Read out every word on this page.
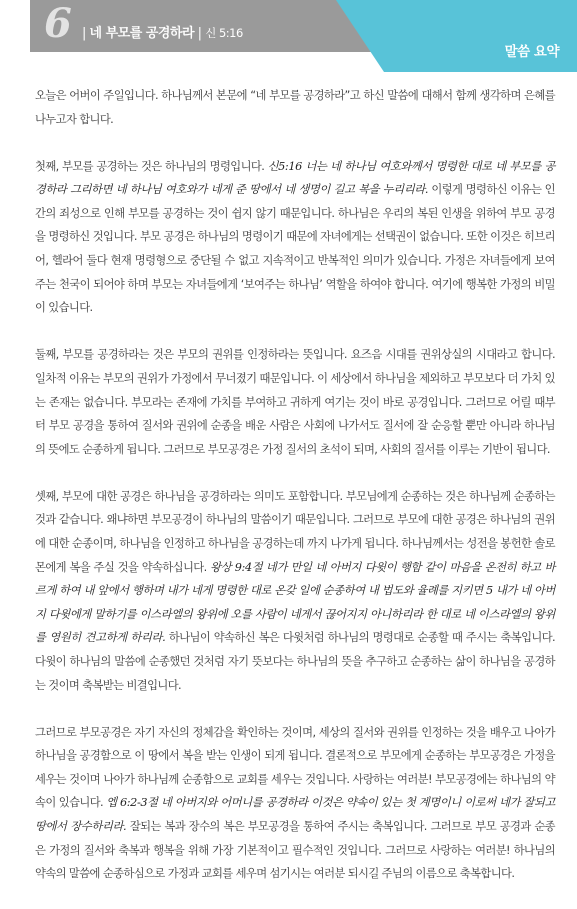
6 | 네 부모를 공경하라 | 신 5:16
말씀 요약

오늘은 어버이 주일입니다. 하나님께서 본문에 “네 부모를 공경하라”고 하신 말씀에 대해서 함께 생각하며 은혜를 나누고자 합니다.

첫째, 부모를 공경하는 것은 하나님의 명령입니다. 신5:16 너는 네 하나님 여호와께서 명령한 대로 네 부모를 공경하라 그리하면 네 하나님 여호와가 네게 준 땅에서 네 생명이 길고 복을 누리리라. 이렇게 명령하신 이유는 인간의 죄성으로 인해 부모를 공경하는 것이 쉽지 않기 때문입니다. 하나님은 우리의 복된 인생을 위하여 부모 공경을 명령하신 것입니다. 부모 공경은 하나님의 명령이기 때문에 자녀에게는 선택권이 없습니다. 또한 이것은 히브리어, 헬라어 둘다 현재 명령형으로 중단될 수 없고 지속적이고 반복적인 의미가 있습니다. 가정은 자녀들에게 보여주는 천국이 되어야 하며 부모는 자녀들에게 ‘보여주는 하나님’ 역할을 하여야 합니다. 여기에 행복한 가정의 비밀이 있습니다.

둘째, 부모를 공경하라는 것은 부모의 권위를 인정하라는 뜻입니다. 요즈음 시대를 권위상실의 시대라고 합니다. 일차적 이유는 부모의 권위가 가정에서 무너졌기 때문입니다. 이 세상에서 하나님을 제외하고 부모보다 더 가치 있는 존재는 없습니다. 부모라는 존재에 가치를 부여하고 귀하게 여기는 것이 바로 공경입니다. 그러므로 어릴 때부터 부모 공경을 통하여 질서와 권위에 순종을 배운 사람은 사회에 나가서도 질서에 잘 순응할 뿐만 아니라 하나님의 뜻에도 순종하게 됩니다. 그러므로 부모공경은 가정 질서의 초석이 되며, 사회의 질서를 이루는 기반이 됩니다.

셋째, 부모에 대한 공경은 하나님을 공경하라는 의미도 포함합니다. 부모님에게 순종하는 것은 하나님께 순종하는 것과 같습니다. 왜냐하면 부모공경이 하나님의 말씀이기 때문입니다. 그러므로 부모에 대한 공경은 하나님의 권위에 대한 순종이며, 하나님을 인정하고 하나님을 공경하는데 까지 나가게 됩니다. 하나님께서는 성전을 봉헌한 솔로몬에게 복을 주실 것을 약속하십니다. 왕상 9:4절 네가 만일 네 아버지 다윗이 행함 같이 마음을 온전히 하고 바르게 하여 내 앞에서 행하며 내가 네게 명령한 대로 온갖 일에 순종하여 내 법도와 율례를 지키면 5 내가 네 아버지 다윗에게 말하기를 이스라엘의 왕위에 오를 사람이 네게서 끊어지지 아니하리라 한 대로 네 이스라엘의 왕위를 영원히 견고하게 하리라. 하나님이 약속하신 복은 다윗처럼 하나님의 명령대로 순종할 때 주시는 축복입니다. 다윗이 하나님의 말씀에 순종했던 것처럼 자기 뜻보다는 하나님의 뜻을 추구하고 순종하는 삶이 하나님을 공경하는 것이며 축복받는 비결입니다.

그러므로 부모공경은 자기 자신의 정체감을 확인하는 것이며, 세상의 질서와 권위를 인정하는 것을 배우고 나아가 하나님을 공경함으로 이 땅에서 복을 받는 인생이 되게 됩니다. 결론적으로 부모에게 순종하는 부모공경은 가정을 세우는 것이며 나아가 하나님께 순종함으로 교회를 세우는 것입니다. 사랑하는 여러분! 부모공경에는 하나님의 약속이 있습니다. 엡 6:2-3절 네 아버지와 어머니를 공경하라 이것은 약속이 있는 첫 계명이니 이로써 네가 잘되고 땅에서 장수하리라. 잘되는 복과 장수의 복은 부모공경을 통하여 주시는 축복입니다. 그러므로 부모 공경과 순종은 가정의 질서와 축복과 행복을 위해 가장 기본적이고 필수적인 것입니다. 그러므로 사랑하는 여러분! 하나님의 약속의 말씀에 순종하심으로 가정과 교회를 세우며 섬기시는 여러분 되시길 주님의 이름으로 축복합니다.
